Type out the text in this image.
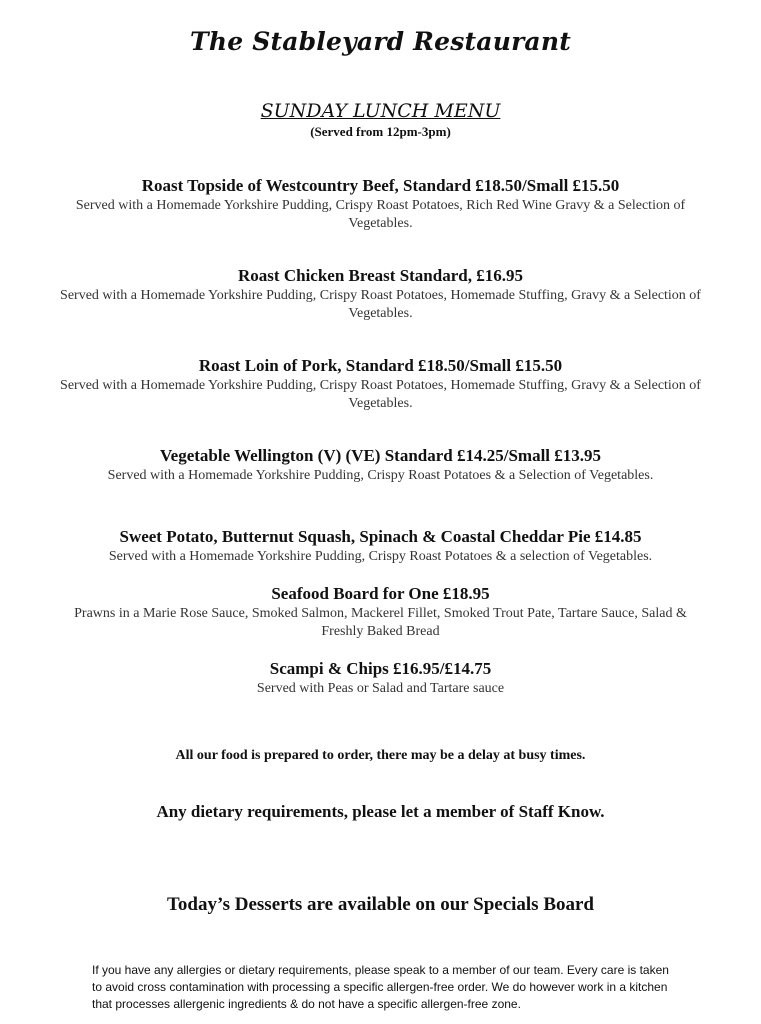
The Stableyard Restaurant
SUNDAY LUNCH MENU
(Served from 12pm-3pm)
Roast Topside of Westcountry Beef, Standard £18.50/Small £15.50
Served with a Homemade Yorkshire Pudding, Crispy Roast Potatoes, Rich Red Wine Gravy & a Selection of Vegetables.
Roast Chicken Breast Standard, £16.95
Served with a Homemade Yorkshire Pudding, Crispy Roast Potatoes, Homemade Stuffing, Gravy & a Selection of Vegetables.
Roast Loin of Pork, Standard £18.50/Small £15.50
Served with a Homemade Yorkshire Pudding, Crispy Roast Potatoes, Homemade Stuffing, Gravy & a Selection of Vegetables.
Vegetable Wellington (V) (VE) Standard £14.25/Small £13.95
Served with a Homemade Yorkshire Pudding, Crispy Roast Potatoes & a Selection of Vegetables.
Sweet Potato, Butternut Squash, Spinach & Coastal Cheddar Pie £14.85
Served with a Homemade Yorkshire Pudding, Crispy Roast Potatoes & a selection of Vegetables.
Seafood Board for One £18.95
Prawns in a Marie Rose Sauce, Smoked Salmon, Mackerel Fillet, Smoked Trout Pate, Tartare Sauce, Salad & Freshly Baked Bread
Scampi & Chips £16.95/£14.75
Served with Peas or Salad and Tartare sauce
All our food is prepared to order, there may be a delay at busy times.
Any dietary requirements, please let a member of Staff Know.
Today’s Desserts are available on our Specials Board
If you have any allergies or dietary requirements, please speak to a member of our team. Every care is taken to avoid cross contamination with processing a specific allergen-free order. We do however work in a kitchen that processes allergenic ingredients & do not have a specific allergen-free zone.
